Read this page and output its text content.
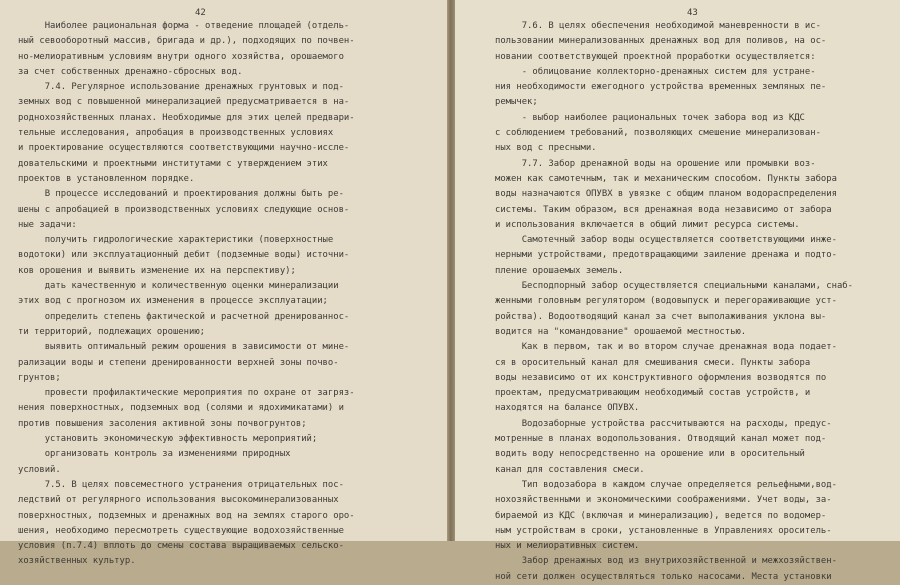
42

Наиболее рациональная форма - отведение площадей (отдель-

ный севооборотный массив, бригада и др.), подходящих по почвен-

но-мелиоративным условиям внутри одного хозяйства, орошаемого

за счет собственных дренажно-сбросных вод.

7.4. Регулярное использование дренажных грунтовых и под-

земных вод с повышенной минерализацией предусматривается в на-

роднохозяйственных планах. Необходимые для этих целей предвари-

тельные исследования, апробация в производственных условиях

и проектирование осуществляются соответствующими научно-иссле-

довательскими и проектными институтами с утверждением этих

проектов в установленном порядке.

В процессе исследований и проектирования должны быть ре-

шены с апробацией в производственных условиях следующие основ-

ные задачи:

получить гидрологические характеристики (поверхностные

водотоки) или эксплуатационный дебит (подземные воды) источни-

ков орошения и выявить изменение их на перспективу);

дать качественную и количественную оценки минерализации

этих вод с прогнозом их изменения в процессе эксплуатации;

определить степень фактической и расчетной дренированнос-

ти территорий, подлежащих орошению;

выявить оптимальный режим орошения в зависимости от мине-

рализации воды и степени дренированности верхней зоны почво-

грунтов;

провести профилактические мероприятия по охране от загряз-

нения поверхностных, подземных вод (солями и ядохимикатами) и

против повышения засоления активной зоны почвогрунтов;

установить экономическую эффективность мероприятий;

организовать контроль за изменениями природных

условий.

7.5. В целях повсеместного устранения отрицательных пос-

ледствий от регулярного использования высокоминерализованных

поверхностных, подземных и дренажных вод на землях старого оро-

шения, необходимо пересмотреть существующие водохозяйственные

условия (п.7.4) вплоть до смены состава выращиваемых сельско-

хозяйственных культур.

43

7.6. В целях обеспечения необходимой маневренности в ис-

пользовании минерализованных дренажных вод для поливов, на ос-

новании соответствующей проектной проработки осуществляется:

- облицование коллекторно-дренажных систем для устране-

ния необходимости ежегодного устройства временных земляных пе-

ремычек;

- выбор наиболее рациональных точек забора вод из КДС

с соблюдением требований, позволяющих смешение минерализован-

ных вод с пресными.

7.7. Забор дренажной воды на орошение или промывки воз-

можен как самотечным, так и механическим способом. Пункты забора

воды назначаются ОПУВХ в увязке с общим планом водораспределения

системы. Таким образом, вся дренажная вода независимо от забора

и использования включается в общий лимит ресурса системы.

Самотечный забор воды осуществляется соответствующими инже-

нерными устройствами, предотвращающими заиление дренажа и подто-

пление орошаемых земель.

Бесподпорный забор осуществляется специальными каналами, снаб-

женными головным регулятором (водовыпуск и перегораживающие уст-

ройства). Водоотводящий канал за счет выполаживания уклона вы-

водится на "командование" орошаемой местностью.

Как в первом, так и во втором случае дренажная вода подает-

ся в оросительный канал для смешивания смеси. Пункты забора

воды независимо от их конструктивного оформления возводятся по

проектам, предусматривающим необходимый состав устройств, и

находятся на балансе ОПУВХ.

Водозаборные устройства рассчитываются на расходы, предус-

мотренные в планах водопользования. Отводящий канал может под-

водить воду непосредственно на орошение или в оросительный

канал для составления смеси.

Тип водозабора в каждом случае определяется рельефными,вод-

нохозяйственными и экономическими соображениями. Учет воды, за-

бираемой из КДС (включая и минерализацию), ведется по водомер-

ным устройствам в сроки, установленные в Управлениях ороситель-

ных и мелиоративных систем.

Забор дренажных вод из внутрихозяйственной и межхозяйствен-

ной сети должен осуществляться только насосами. Места установки
